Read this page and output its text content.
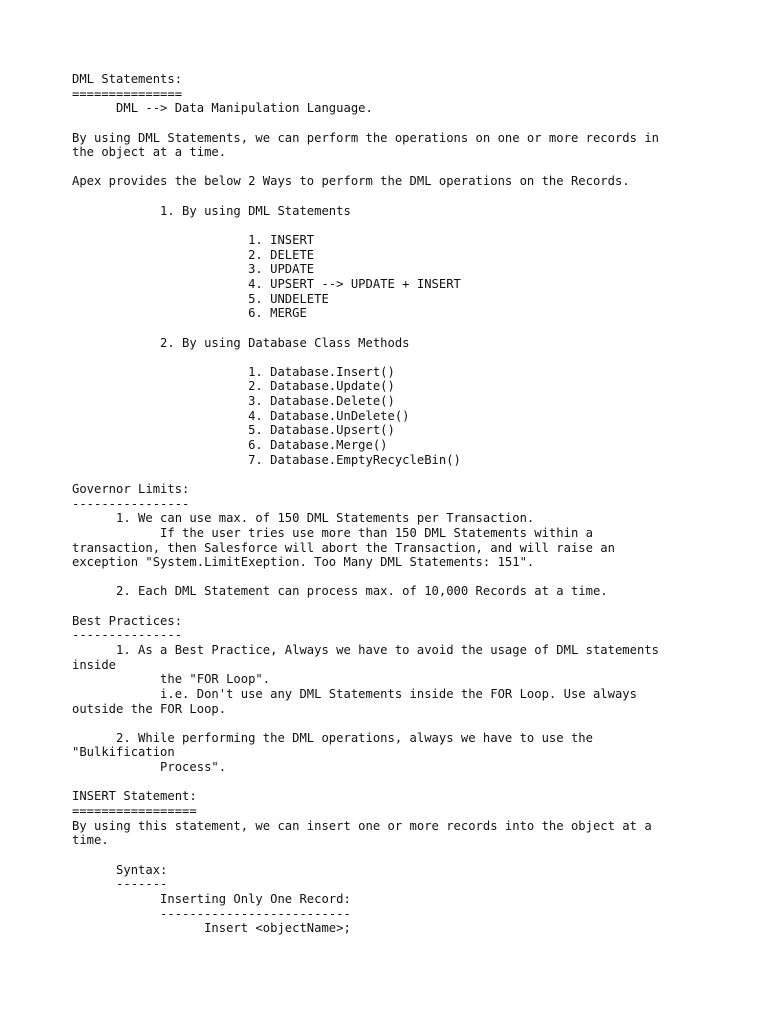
DML Statements:
===============
DML --> Data Manipulation Language.
By using DML Statements, we can perform the operations on one or more records in
the object at a time.
Apex provides the below 2 Ways to perform the DML operations on the Records.
1. By using DML Statements
1. INSERT
2. DELETE
3. UPDATE
4. UPSERT --> UPDATE + INSERT
5. UNDELETE
6. MERGE
2. By using Database Class Methods
1. Database.Insert()
2. Database.Update()
3. Database.Delete()
4. Database.UnDelete()
5. Database.Upsert()
6. Database.Merge()
7. Database.EmptyRecycleBin()
Governor Limits:
----------------
1. We can use max. of 150 DML Statements per Transaction.
If the user tries use more than 150 DML Statements within a
transaction, then Salesforce will abort the Transaction, and will raise an
exception "System.LimitExeption. Too Many DML Statements: 151".
2. Each DML Statement can process max. of 10,000 Records at a time.
Best Practices:
---------------
1. As a Best Practice, Always we have to avoid the usage of DML statements
inside
the "FOR Loop".
i.e. Don't use any DML Statements inside the FOR Loop. Use always
outside the FOR Loop.
2. While performing the DML operations, always we have to use the
"Bulkification
Process".
INSERT Statement:
=================
By using this statement, we can insert one or more records into the object at a
time.
Syntax:
-------
Inserting Only One Record:
--------------------------
Insert <objectName>;
